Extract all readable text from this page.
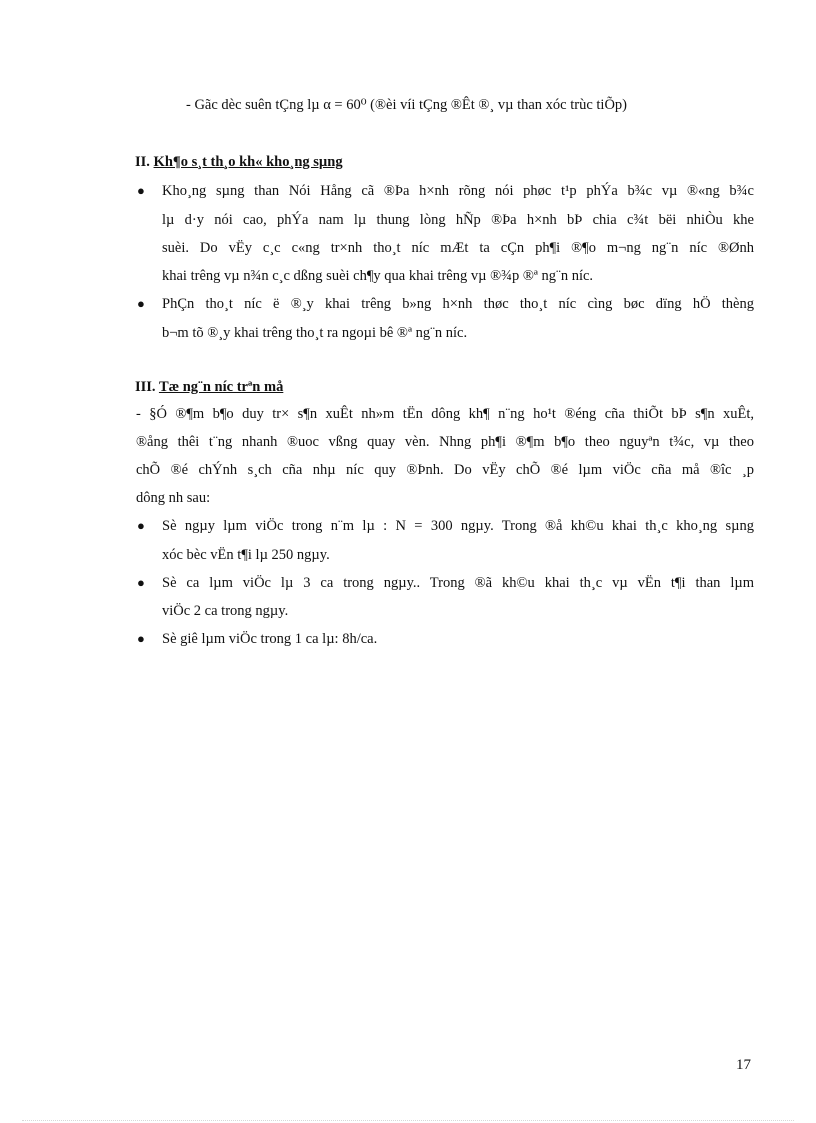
- Gãc dèc suên tÇng lµ α = 60⁰ (®èi víi tÇng ®Êt ®¸ vµ than xóc trùc tiÕp)
II. Kh¶o s¸t th¸o kh« kho¸ng sµng
● Kho¸ng sµng than Nói Hång cã ®Þa h×nh rõng nói phøc t¹p phÝa b¾c vµ ®«ng b¾c
lµ d·y nói cao, phÝa nam lµ thung lòng hÑp ®Þa h×nh bÞ chia c¾t bëi nhiÒu khe
suèi. Do vËy c¸c c«ng tr×nh tho¸t níc mÆt ta cÇn ph¶i ®¶o m¬ng ng¨n níc ®Ønh
khai trêng vµ n¾n c¸c dßng suèi ch¶y qua khai trêng vµ ®¾p ®ª ng¨n níc.
● PhÇn tho¸t níc ë ®¸y khai trêng b»ng h×nh thøc tho¸t níc cìng bøc dïng hÖ thèng
b¬m tõ ®¸y khai trêng tho¸t ra ngoµi bê ®ª ng¨n níc.
III. Tæ ng¨n níc trªn må
- §Ó ®¶m b¶o duy tr× s¶n xuÊt nh»m tËn dông kh¶ n¨ng ho¹t ®éng cña thiÕt bÞ s¶n xuÊt,
®ång thêi t¨ng nhanh ®uoc vßng quay vèn. Nhng ph¶i ®¶m b¶o theo nguyªn t¾c, vµ theo
chÕ ®é chÝnh s¸ch cña nhµ níc quy ®Þnh. Do vËy chÕ ®é lµm viÖc cña må ®îc ¸p
dông nh sau:
● Sè ngµy lµm viÖc trong n¨m lµ : N = 300 ngµy. Trong ®å kh©u khai th¸c kho¸ng sµng
xóc bèc vËn t¶i lµ 250 ngµy.
● Sè ca lµm viÖc lµ 3 ca trong ngµy.. Trong ®ã kh©u khai th¸c vµ vËn t¶i than lµm
viÖc 2 ca trong ngµy.
● Sè giê lµm viÖc trong 1 ca lµ: 8h/ca.
17
